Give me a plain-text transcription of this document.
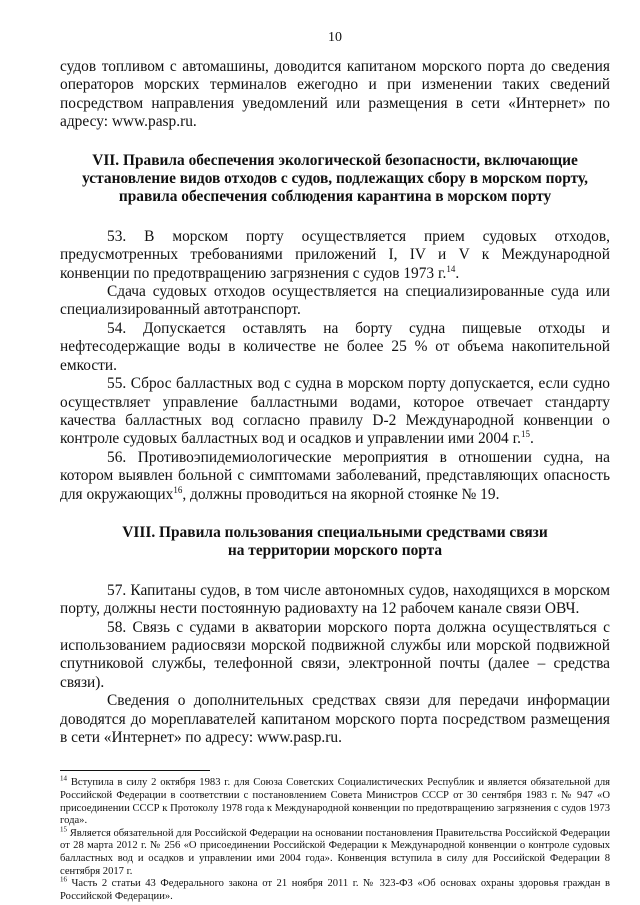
10

судов топливом с автомашины, доводится капитаном морского порта до сведения операторов морских терминалов ежегодно и при изменении таких сведений посредством направления уведомлений или размещения в сети «Интернет» по адресу: www.pasp.ru.

VII. Правила обеспечения экологической безопасности, включающие
установление видов отходов с судов, подлежащих сбору в морском порту,
правила обеспечения соблюдения карантина в морском порту

53. В морском порту осуществляется прием судовых отходов, предусмотренных требованиями приложений I, IV и V к Международной конвенции по предотвращению загрязнения с судов 1973 г.$^{14}$.

Сдача судовых отходов осуществляется на специализированные суда или специализированный автотранспорт.

54. Допускается оставлять на борту судна пищевые отходы и нефтесодержащие воды в количестве не более 25 % от объема накопительной емкости.

55. Сброс балластных вод с судна в морском порту допускается, если судно осуществляет управление балластными водами, которое отвечает стандарту качества балластных вод согласно правилу D-2 Международной конвенции о контроле судовых балластных вод и осадков и управлении ими 2004 г.$^{15}$.

56. Противоэпидемиологические мероприятия в отношении судна, на котором выявлен больной с симптомами заболеваний, представляющих опасность для окружающих$^{16}$, должны проводиться на якорной стоянке № 19.

VIII. Правила пользования специальными средствами связи
на территории морского порта

57. Капитаны судов, в том числе автономных судов, находящихся в морском порту, должны нести постоянную радиовахту на 12 рабочем канале связи ОВЧ.

58. Связь с судами в акватории морского порта должна осуществляться с использованием радиосвязи морской подвижной службы или морской подвижной спутниковой службы, телефонной связи, электронной почты (далее – средства связи).

Сведения о дополнительных средствах связи для передачи информации доводятся до мореплавателей капитаном морского порта посредством размещения в сети «Интернет» по адресу: www.pasp.ru.

$^{14}$ Вступила в силу 2 октября 1983 г. для Союза Советских Социалистических Республик и является обязательной для Российской Федерации в соответствии с постановлением Совета Министров СССР от 30 сентября 1983 г. № 947 «О присоединении СССР к Протоколу 1978 года к Международной конвенции по предотвращению загрязнения с судов 1973 года».

$^{15}$ Является обязательной для Российской Федерации на основании постановления Правительства Российской Федерации от 28 марта 2012 г. № 256 «О присоединении Российской Федерации к Международной конвенции о контроле судовых балластных вод и осадков и управлении ими 2004 года». Конвенция вступила в силу для Российской Федерации 8 сентября 2017 г.

$^{16}$ Часть 2 статьи 43 Федерального закона от 21 ноября 2011 г. № 323-ФЗ «Об основах охраны здоровья граждан в Российской Федерации».
